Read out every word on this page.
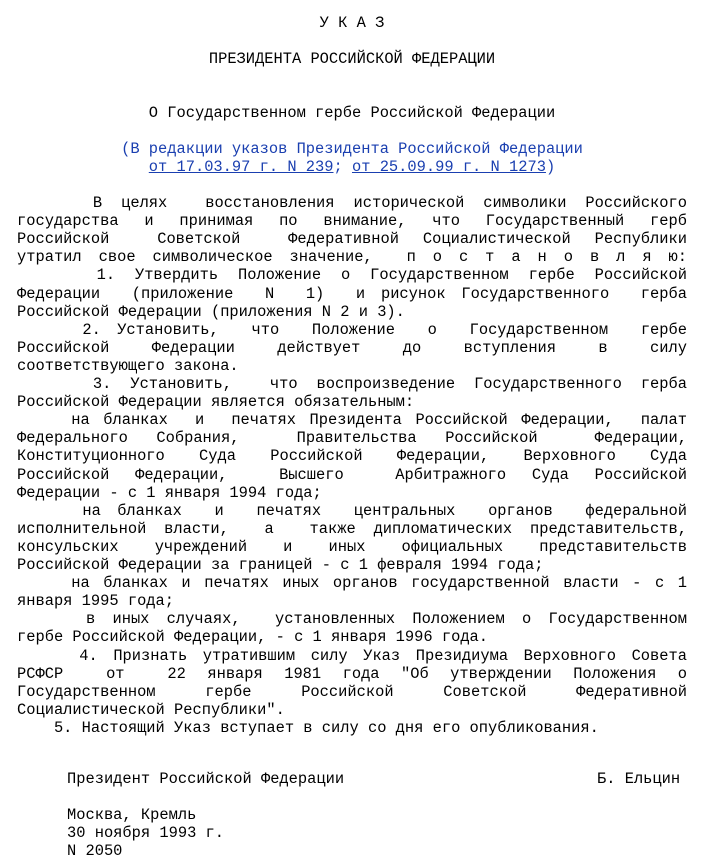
У К А З
ПРЕЗИДЕНТА РОССИЙСКОЙ ФЕДЕРАЦИИ
О Государственном гербе Российской Федерации
(В редакции указов Президента Российской Федерации
от 17.03.97 г. N 239; от 25.09.99 г. N 1273)
В целях  восстановления исторической символики Российского
государства и принимая по внимание, что Государственный герб
Российской  Советской  Федеративной Социалистической Республики
утратил свое символическое значение,  п о с т а н о в л я ю:
1. Утвердить Положение о Государственном гербе Российской
Федерации  (приложение  N  1)  и рисунок Государственного  герба
Российской Федерации (приложения N 2 и 3).
2. Установить,  что  Положение  о  Государственном  гербе
Российской  Федерации  действует  до  вступления  в  силу
соответствующего закона.
3. Установить,  что воспроизведение Государственного герба
Российской Федерации является обязательным:
на бланках  и  печатях Президента Российской Федерации,  палат
Федерального Собрания,  Правительства Российской  Федерации,
Конституционного Суда Российской Федерации, Верховного Суда
Российской Федерации,  Высшего  Арбитражного Суда Российской
Федерации - с 1 января 1994 года;
на бланках  и  печатях  центральных  органов  федеральной
исполнительной власти,  а  также дипломатических представительств,
консульских учреждений и иных официальных представительств
Российской Федерации за границей - с 1 февраля 1994 года;
на бланках и печатях иных органов государственной власти - с 1
января 1995 года;
в иных случаях,  установленных Положением о Государственном
гербе Российской Федерации, - с 1 января 1996 года.
4. Признать утратившим силу Указ Президиума Верховного Совета
РСФСР  от  22 января 1981 года "Об утверждении Положения о
Государственном  гербе  Российской  Советской  Федеративной
Социалистической Республики".
5. Настоящий Указ вступает в силу со дня его опубликования.
Президент Российской Федерации	Б. Ельцин
Москва, Кремль
30 ноября 1993 г.
N 2050
